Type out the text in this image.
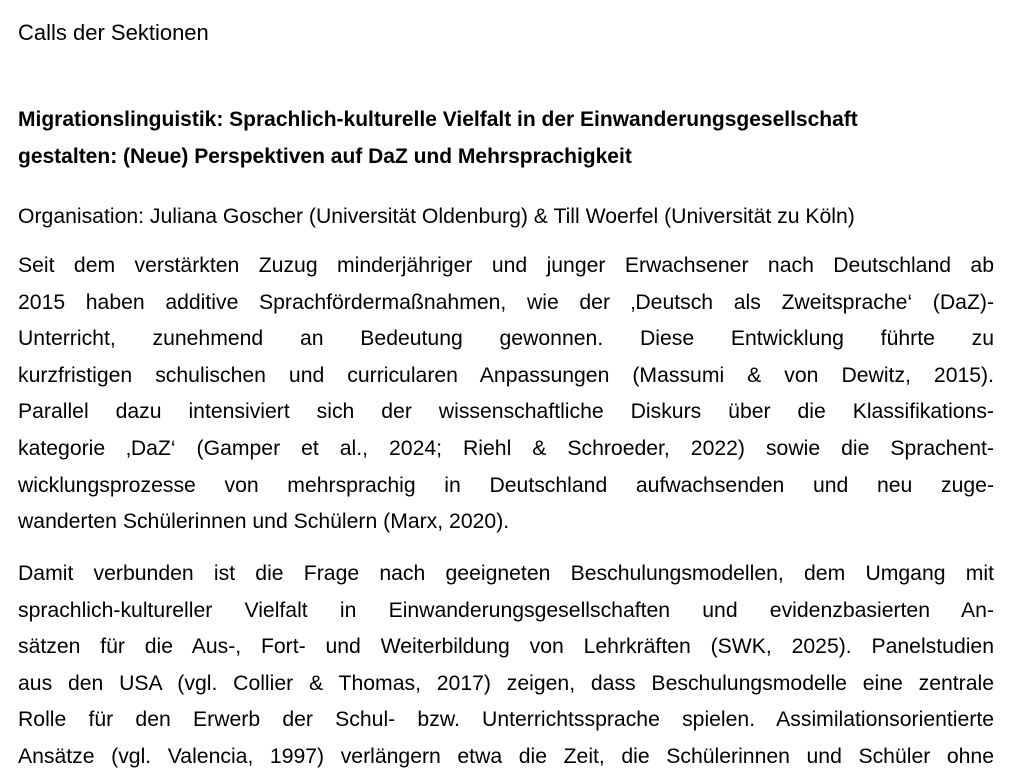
Calls der Sektionen
Migrationslinguistik: Sprachlich-kulturelle Vielfalt in der Einwanderungsgesellschaft
gestalten: (Neue) Perspektiven auf DaZ und Mehrsprachigkeit
Organisation: Juliana Goscher (Universität Oldenburg) & Till Woerfel (Universität zu Köln)
Seit dem verstärkten Zuzug minderjähriger und junger Erwachsener nach Deutschland ab
2015 haben additive Sprachfördermaßnahmen, wie der ‚Deutsch als Zweitsprache‘ (DaZ)-
Unterricht, zunehmend an Bedeutung gewonnen. Diese Entwicklung führte zu
kurzfristigen schulischen und curricularen Anpassungen (Massumi & von Dewitz, 2015).
Parallel dazu intensiviert sich der wissenschaftliche Diskurs über die Klassifikations-
kategorie ‚DaZ‘ (Gamper et al., 2024; Riehl & Schroeder, 2022) sowie die Sprachent-
wicklungsprozesse von mehrsprachig in Deutschland aufwachsenden und neu zuge-
wanderten Schülerinnen und Schülern (Marx, 2020).
Damit verbunden ist die Frage nach geeigneten Beschulungsmodellen, dem Umgang mit
sprachlich-kultureller Vielfalt in Einwanderungsgesellschaften und evidenzbasierten An-
sätzen für die Aus-, Fort- und Weiterbildung von Lehrkräften (SWK, 2025). Panelstudien
aus den USA (vgl. Collier & Thomas, 2017) zeigen, dass Beschulungsmodelle eine zentrale
Rolle für den Erwerb der Schul- bzw. Unterrichtssprache spielen. Assimilationsorientierte
Ansätze (vgl. Valencia, 1997) verlängern etwa die Zeit, die Schülerinnen und Schüler ohne
